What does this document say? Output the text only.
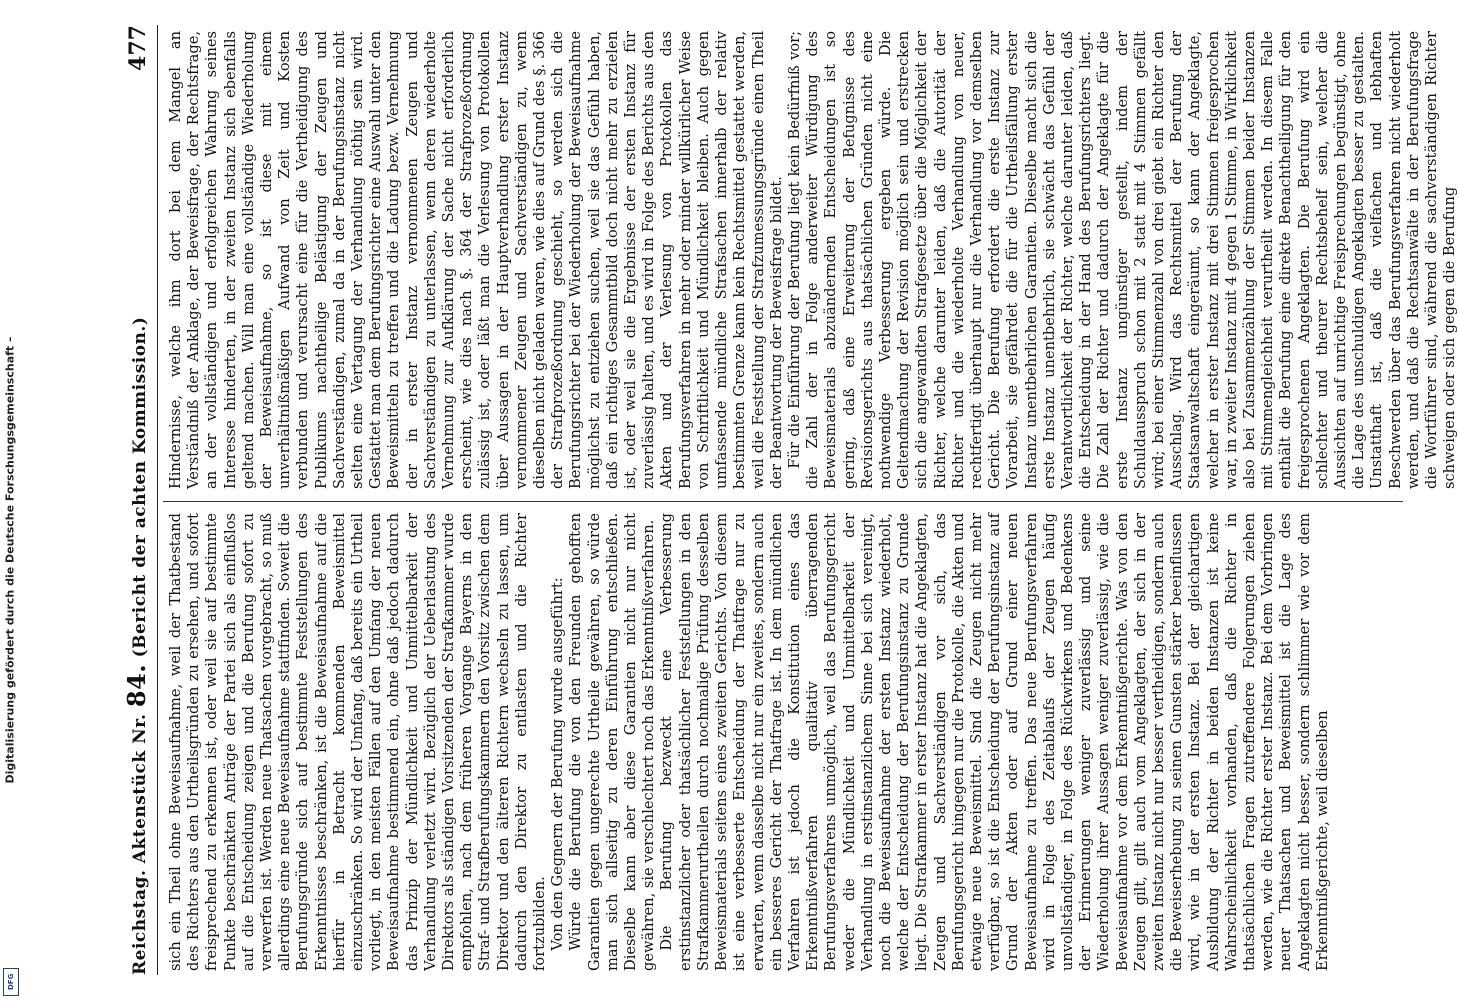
Digitalisierung gefördert durch die Deutsche Forschungsgemeinschaft –
DFG
Reichstag. Aktenstück Nr. 84. (Bericht der achten Kommission.)
477

sich ein Theil ohne Beweisaufnahme, weil der Thatbestand des Richters aus den Urtheilsgründen zu ersehen, und sofort freisprechend zu erkennen ist, oder weil sie auf bestimmte Punkte beschränkten Anträge der Partei sich als einflußlos auf die Entscheidung zeigen und die Berufung sofort zu verwerfen ist. Werden neue Thatsachen vorgebracht, so muß allerdings eine neue Beweisaufnahme stattfinden. Soweit die Berufungsgründe sich auf bestimmte Feststellungen des Erkenntnisses beschränken, ist die Beweisaufnahme auf die hierfür in Betracht kommenden Beweismittel einzuschränken. So wird der Umfang, daß bereits ein Urtheil vorliegt, in den meisten Fällen auf den Umfang der neuen Beweisaufnahme bestimmend ein, ohne daß jedoch dadurch das Prinzip der Mündlichkeit und Unmittelbarkeit der Verhandlung verletzt wird. Bezüglich der Ueberlastung des Direktors als ständigen Vorsitzenden der Strafkammer wurde empfohlen, nach dem früheren Vorgange Bayerns in den Straf- und Strafberufungskammern den Vorsitz zwischen dem Direktor und den älteren Richtern wechseln zu lassen, um dadurch den Direktor zu entlasten und die Richter fortzubilden. Von den Gegnern der Berufung wurde ausgeführt: Würde die Berufung die von den Freunden gehofften Garantien gegen ungerechte Urtheile gewähren, so würde man sich allseitig zu deren Einführung entschließen. Dieselbe kann aber diese Garantien nicht nur nicht gewähren, sie verschlechtert noch das Erkenntnißverfahren. Die Berufung bezweckt eine Verbesserung erstinstanzlicher oder thatsächlicher Feststellungen in den Strafkammerurtheilen durch nochmalige Prüfung desselben Beweismaterials seitens eines zweiten Gerichts. Von diesem ist eine verbesserte Entscheidung der Thatfrage nur zu erwarten, wenn dasselbe nicht nur ein zweites, sondern auch ein besseres Gericht der Thatfrage ist. In dem mündlichen Verfahren ist jedoch die Konstitution eines das Erkenntnißverfahren qualitativ überragenden Berufungsverfahrens unmöglich, weil das Berufungsgericht weder die Mündlichkeit und Unmittelbarkeit der Verhandlung in erstinstanzlichem Sinne bei sich vereinigt, noch die Beweisaufnahme der ersten Instanz wiederholt, welche der Entscheidung der Berufungsinstanz zu Grunde liegt. Die Strafkammer in erster Instanz hat die Angeklagten, Zeugen und Sachverständigen vor sich, das Berufungsgericht hingegen nur die Protokolle, die Akten und etwaige neue Beweismittel. Sind die Zeugen nicht mehr verfügbar, so ist die Entscheidung der Berufungsinstanz auf Grund der Akten oder auf Grund einer neuen Beweisaufnahme zu treffen. Das neue Berufungsverfahren wird in Folge des Zeitablaufs der Zeugen häufig unvollständiger, in Folge des Rückwirkens und Bedenkens der Erinnerungen weniger zuverlässig und seine Wiederholung ihrer Aussagen weniger zuverlässig, wie die Beweisaufnahme vor dem Erkenntnißgerichte. Was von den Zeugen gilt, gilt auch vom Angeklagten, der sich in der zweiten Instanz nicht nur besser vertheidigen, sondern auch die Beweiserhebung zu seinen Gunsten stärker beeinflussen wird, wie in der ersten Instanz. Bei der gleichartigen Ausbildung der Richter in beiden Instanzen ist keine Wahrscheinlichkeit vorhanden, daß die Richter in thatsächlichen Fragen zutreffendere Folgerungen ziehen werden, wie die Richter erster Instanz. Bei dem Vorbringen neuer Thatsachen und Beweismittel ist die Lage des Angeklagten nicht besser, sondern schlimmer wie vor dem Erkenntnißgerichte, weil dieselben

Hindernisse, welche ihm dort bei dem Mangel an Verständniß der Anklage, der Beweisfrage, der Rechtsfrage, an der vollständigen und erfolgreichen Wahrung seines Interesse hinderten, in der zweiten Instanz sich ebenfalls geltend machen. Will man eine vollständige Wiederholung der Beweisaufnahme, so ist diese mit einem unverhältnißmäßigen Aufwand von Zeit und Kosten verbunden und verursacht eine für die Vertheidigung des Publikums nachtheilige Belästigung der Zeugen und Sachverständigen, zumal da in der Berufungsinstanz nicht selten eine Vertagung der Verhandlung nöthig sein wird. Gestattet man dem Berufungsrichter eine Auswahl unter den Beweismitteln zu treffen und die Ladung bezw. Vernehmung der in erster Instanz vernommenen Zeugen und Sachverständigen zu unterlassen, wenn deren wiederholte Vernehmung zur Aufklärung der Sache nicht erforderlich erscheint, wie dies nach §. 364 der Strafprozeßordnung zulässig ist, oder läßt man die Verlesung von Protokollen über Aussagen in der Hauptverhandlung erster Instanz vernommener Zeugen und Sachverständigen zu, wenn dieselben nicht geladen waren, wie dies auf Grund des §. 366 der Strafprozeßordnung geschieht, so werden sich die Berufungsrichter bei der Wiederholung der Beweisaufnahme möglichst zu entziehen suchen, weil sie das Gefühl haben, daß ein richtiges Gesammtbild doch nicht mehr zu erzielen ist, oder weil sie die Ergebnisse der ersten Instanz für zuverlässig halten, und es wird in Folge des Berichts aus den Akten und der Verlesung von Protokollen das Berufungsverfahren in mehr oder minder willkürlicher Weise von Schriftlichkeit und Mündlichkeit bleiben. Auch gegen umfassende mündliche Strafsachen innerhalb der relativ bestimmten Grenze kann kein Rechtsmittel gestattet werden, weil die Feststellung der Strafzumessungsgründe einen Theil der Beantwortung der Beweisfrage bildet. Für die Einführung der Berufung liegt kein Bedürfniß vor; die Zahl der in Folge anderweiter Würdigung des Beweismaterials abzuändernden Entscheidungen ist so gering, daß eine Erweiterung der Befugnisse des Revisionsgerichts aus thatsächlichen Gründen nicht eine nothwendige Verbesserung ergeben würde. Die Geltendmachung der Revision möglich sein und erstrecken sich die angewandten Strafgesetze über die Möglichkeit der Richter, welche darunter leiden, daß die Autorität der Richter und die wiederholte Verhandlung von neuer, rechtfertigt überhaupt nur die Verhandlung vor demselben Gericht. Die Berufung erfordert die erste Instanz zur Vorarbeit, sie gefährdet die für die Urtheilsfällung erster Instanz unentbehrlichen Garantien. Dieselbe macht sich die erste Instanz unentbehrlich, sie schwächt das Gefühl der Verantwortlichkeit der Richter, welche darunter leiden, daß die Entscheidung in der Hand des Berufungsrichters liegt. Die Zahl der Richter und dadurch der Angeklagte für die erste Instanz ungünstiger gestellt, indem der Schuldausspruch schon mit 2 statt mit 4 Stimmen gefällt wird; bei einer Stimmenzahl von drei giebt ein Richter den Ausschlag. Wird das Rechtsmittel der Berufung der Staatsanwaltschaft eingeräumt, so kann der Angeklagte, welcher in erster Instanz mit drei Stimmen freigesprochen war, in zweiter Instanz mit 4 gegen 1 Stimme, in Wirklichkeit also bei Zusammenzählung der Stimmen beider Instanzen mit Stimmengleichheit verurtheilt werden. In diesem Falle enthält die Berufung eine direkte Benachtheiligung für den freigesprochenen Angeklagten. Die Berufung wird ein schlechter und theurer Rechtsbehelf sein, welcher die Aussichten auf unrichtige Freisprechungen begünstigt, ohne die Lage des unschuldigen Angeklagten besser zu gestalten. Unstatthaft ist, daß die vielfachen und lebhaften Beschwerden über das Berufungsverfahren nicht wiederholt werden, und daß die Rechtsanwälte in der Berufungsfrage die Wortführer sind, während die sachverständigen Richter schweigen oder sich gegen die Berufung
